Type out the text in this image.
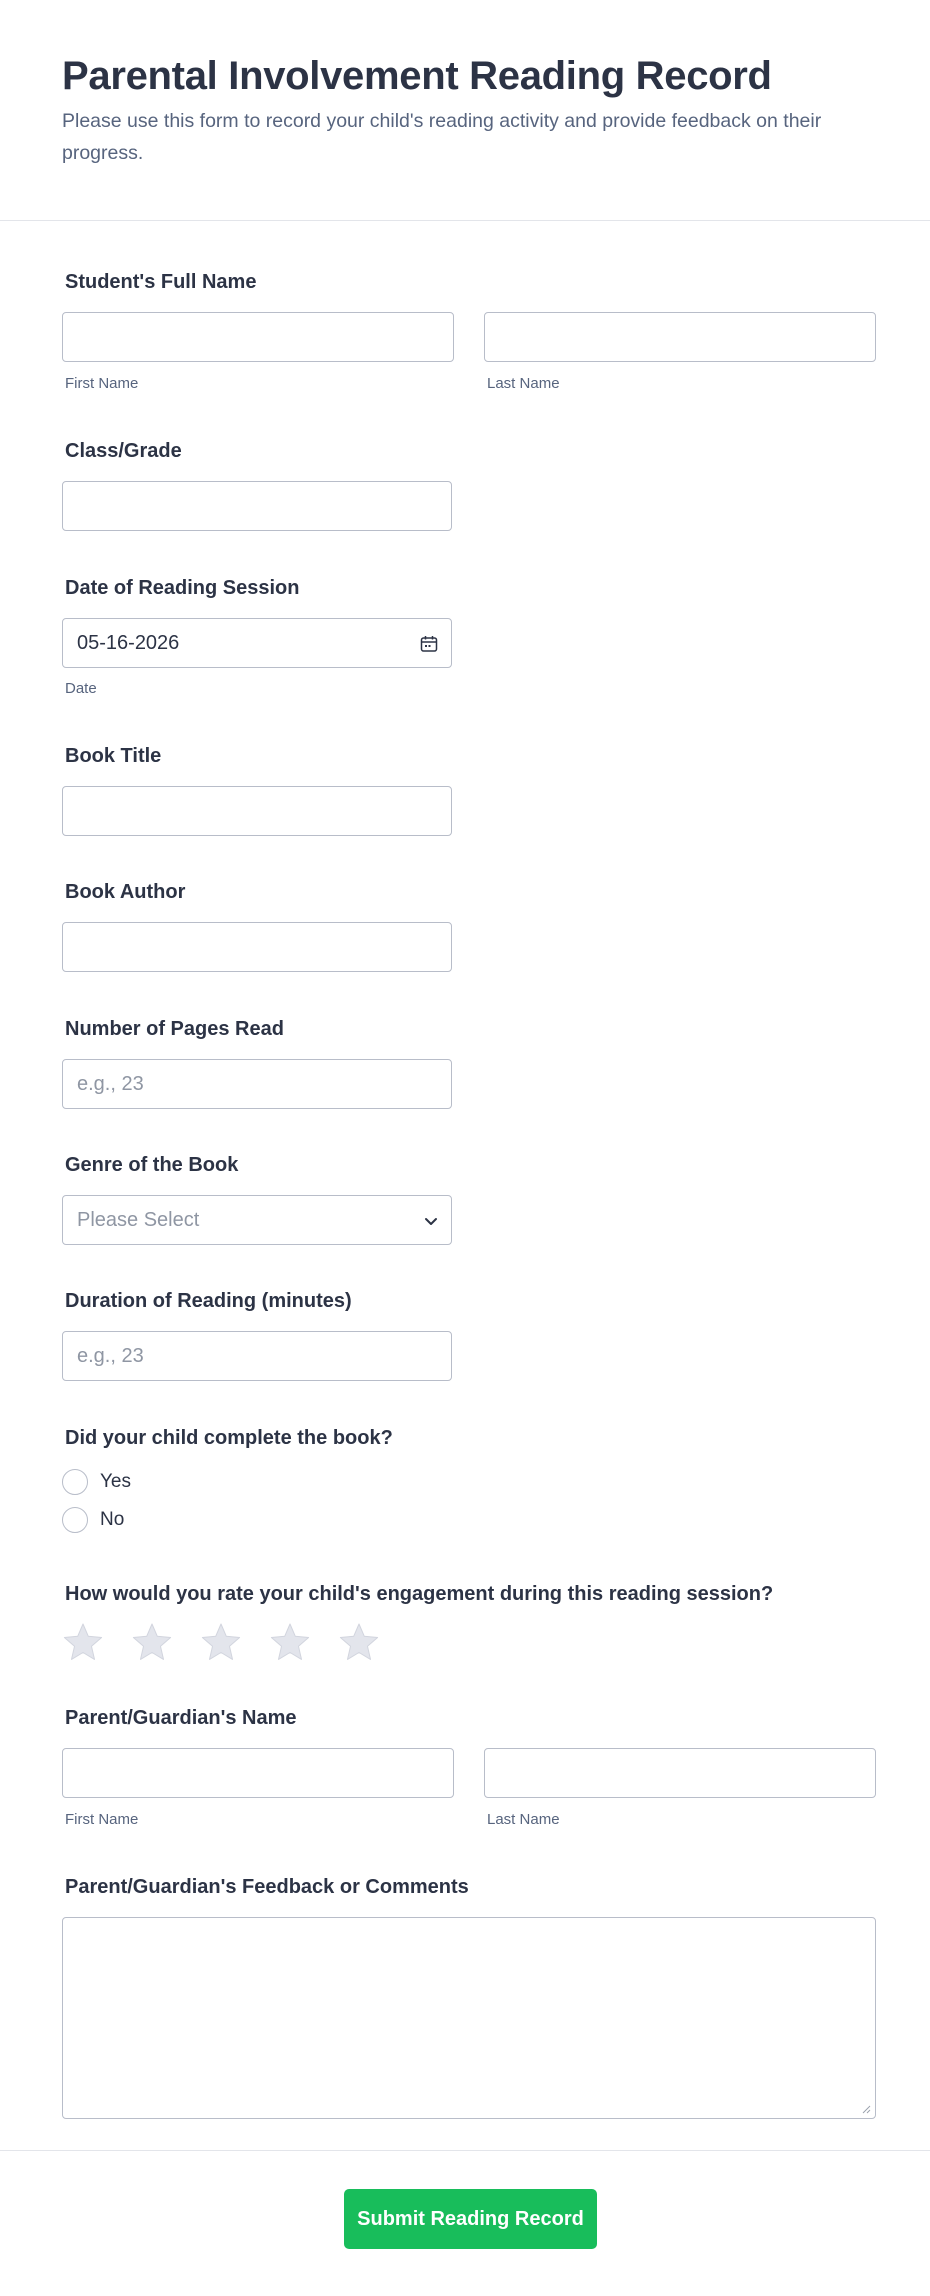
Parental Involvement Reading Record

Please use this form to record your child's reading activity and provide feedback on their progress.

Student's Full Name
First Name	Last Name
Class/Grade
Date of Reading Session
05-16-2026
Date
Book Title
Book Author
Number of Pages Read
e.g., 23
Genre of the Book
Please Select
Duration of Reading (minutes)
e.g., 23
Did your child complete the book?
Yes
No
How would you rate your child's engagement during this reading session?
Parent/Guardian's Name
First Name	Last Name
Parent/Guardian's Feedback or Comments
Submit Reading Record
